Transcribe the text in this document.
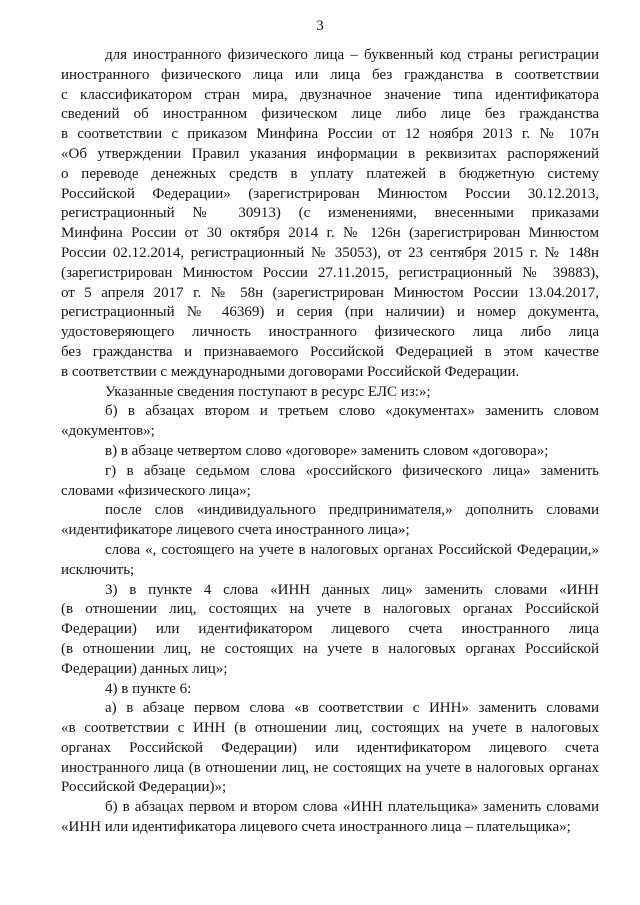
3
для иностранного физического лица – буквенный код страны регистрации
иностранного физического лица или лица без гражданства в соответствии
с классификатором стран мира, двузначное значение типа идентификатора
сведений об иностранном физическом лице либо лице без гражданства
в соответствии с приказом Минфина России от 12 ноября 2013 г. № 107н
«Об утверждении Правил указания информации в реквизитах распоряжений
о переводе денежных средств в уплату платежей в бюджетную систему
Российской Федерации» (зарегистрирован Минюстом России 30.12.2013,
регистрационный № 30913) (с изменениями, внесенными приказами
Минфина России от 30 октября 2014 г. № 126н (зарегистрирован Минюстом
России 02.12.2014, регистрационный № 35053), от 23 сентября 2015 г. № 148н
(зарегистрирован Минюстом России 27.11.2015, регистрационный № 39883),
от 5 апреля 2017 г. № 58н (зарегистрирован Минюстом России 13.04.2017,
регистрационный № 46369) и серия (при наличии) и номер документа,
удостоверяющего личность иностранного физического лица либо лица
без гражданства и признаваемого Российской Федерацией в этом качестве
в соответствии с международными договорами Российской Федерации.
Указанные сведения поступают в ресурс ЕЛС из:»;
б) в абзацах втором и третьем слово «документах» заменить словом
«документов»;
в) в абзаце четвертом слово «договоре» заменить словом «договора»;
г) в абзаце седьмом слова «российского физического лица» заменить
словами «физического лица»;
после слов «индивидуального предпринимателя,» дополнить словами
«идентификаторе лицевого счета иностранного лица»;
слова «, состоящего на учете в налоговых органах Российской Федерации,»
исключить;
3) в пункте 4 слова «ИНН данных лиц» заменить словами «ИНН
(в отношении лиц, состоящих на учете в налоговых органах Российской
Федерации) или идентификатором лицевого счета иностранного лица
(в отношении лиц, не состоящих на учете в налоговых органах Российской
Федерации) данных лиц»;
4) в пункте 6:
а) в абзаце первом слова «в соответствии с ИНН» заменить словами
«в соответствии с ИНН (в отношении лиц, состоящих на учете в налоговых
органах Российской Федерации) или идентификатором лицевого счета
иностранного лица (в отношении лиц, не состоящих на учете в налоговых органах
Российской Федерации)»;
б) в абзацах первом и втором слова «ИНН плательщика» заменить словами
«ИНН или идентификатора лицевого счета иностранного лица – плательщика»;
